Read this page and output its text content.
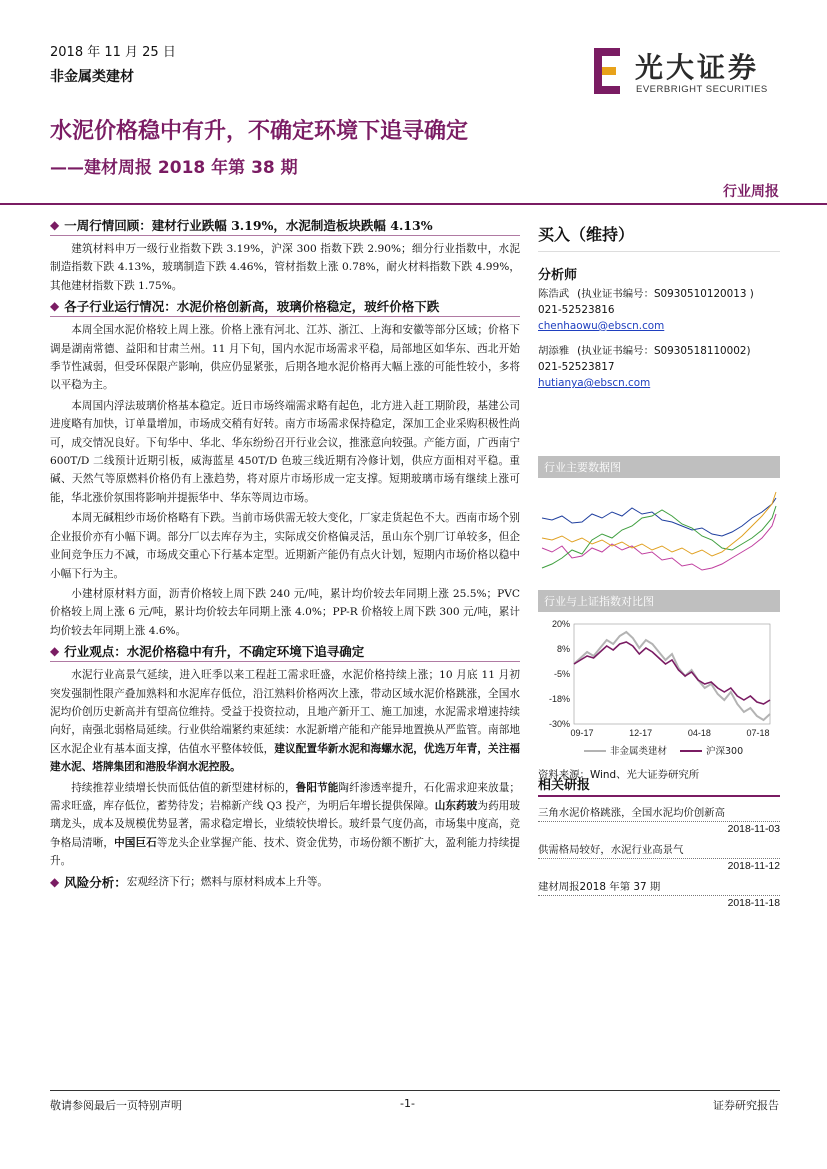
2018 年 11 月 25 日
非金属类建材	光大证券
EVERBRIGHT SECURITIES
水泥价格稳中有升，不确定环境下追寻确定
——建材周报 2018 年第 38 期
行业周报
◆ 一周行情回顾：建材行业跌幅 3.19%，水泥制造板块跌幅 4.13%

建筑材料申万一级行业指数下跌 3.19%，沪深 300 指数下跌 2.90%；细分行业指数中，水泥制造指数下跌 4.13%，玻璃制造下跌 4.46%，管材指数上涨 0.78%，耐火材料指数下跌 4.99%，其他建材指数下跌 1.75%。

◆ 各子行业运行情况：水泥价格创新高，玻璃价格稳定，玻纤价格下跌

本周全国水泥价格较上周上涨。价格上涨有河北、江苏、浙江、上海和安徽等部分区域；价格下调是湖南常德、益阳和甘肃兰州。11 月下旬，国内水泥市场需求平稳，局部地区如华东、西北开始季节性减弱，但受环保限产影响，供应仍显紧张，后期各地水泥价格再大幅上涨的可能性较小，多将以平稳为主。

本周国内浮法玻璃价格基本稳定。近日市场终端需求略有起色，北方进入赶工期阶段，基建公司进度略有加快，订单量增加，市场成交稍有好转。南方市场需求保持稳定，深加工企业采购积极性尚可，成交情况良好。下旬华中、华北、华东纷纷召开行业会议，推涨意向较强。产能方面，广西南宁 600T/D 二线预计近期引板，威海蓝星 450T/D 色玻三线近期有冷修计划，供应方面相对平稳。重碱、天然气等原燃料价格仍有上涨趋势，将对原片市场形成一定支撑。短期玻璃市场有继续上涨可能，华北涨价氛围将影响并提振华中、华东等周边市场。

本周无碱粗纱市场价格略有下跌。当前市场供需无较大变化，厂家走货起色不大。西南市场个别企业报价亦有小幅下调。部分厂以去库存为主，实际成交价格偏灵活，虽山东个别厂订单较多，但企业间竞争压力不减，市场成交重心下行基本定型。近期新产能仍有点火计划，短期内市场价格以稳中小幅下行为主。

小建材原材料方面，沥青价格较上周下跌 240 元/吨，累计均价较去年同期上涨 25.5%；PVC 价格较上周上涨 6 元/吨，累计均价较去年同期上涨 4.0%；PP-R 价格较上周下跌 300 元/吨，累计均价较去年同期上涨 4.6%。

◆ 行业观点：水泥价格稳中有升，不确定环境下追寻确定

水泥行业高景气延续，进入旺季以来工程赶工需求旺盛，水泥价格持续上涨；10 月底 11 月初突发强制性限产叠加熟料和水泥库存低位，沿江熟料价格两次上涨，带动区域水泥价格跳涨，全国水泥均价创历史新高并有望高位维持。受益于投资拉动，且地产新开工、施工加速，水泥需求增速持续向好，南强北弱格局延续。行业供给端紧约束延续：水泥新增产能和产能异地置换从严监管。南部地区水泥企业有基本面支撑，估值水平整体较低，建议配置华新水泥和海螺水泥，优选万年青，关注福建水泥、塔牌集团和港股华润水泥控股。

持续推荐业绩增长快而低估值的新型建材标的，鲁阳节能陶纤渗透率提升，石化需求迎来放量；需求旺盛，库存低位，蓄势待发；岩棉新产线 Q3 投产，为明后年增长提供保障。山东药玻为药用玻璃龙头，成本及规模优势显著，需求稳定增长，业绩较快增长。玻纤景气度仍高，市场集中度高，竞争格局清晰，中国巨石等龙头企业掌握产能、技术、资金优势，市场份额不断扩大，盈利能力持续提升。

◆ 风险分析： 宏观经济下行；燃料与原材料成本上升等。
买入（维持）
分析师
陈浩武 (执业证书编号：S0930510120013 )
021-52523816
chenhaowu@ebscn.com
胡添雅 (执业证书编号：S0930518110002)
021-52523817
hutianya@ebscn.com
行业主要数据图
行业与上证指数对比图
20%
8%
-5%
-18%
-30%
09-17	12-17	04-18	07-18
非金属类建材	沪深300
资料来源：Wind、光大证券研究所
相关研报
三角水泥价格跳涨，全国水泥均价创新高
2018-11-03
供需格局较好，水泥行业高景气
2018-11-12
建材周报2018 年第 37 期
2018-11-18
敬请参阅最后一页特别声明	-1-	证券研究报告
